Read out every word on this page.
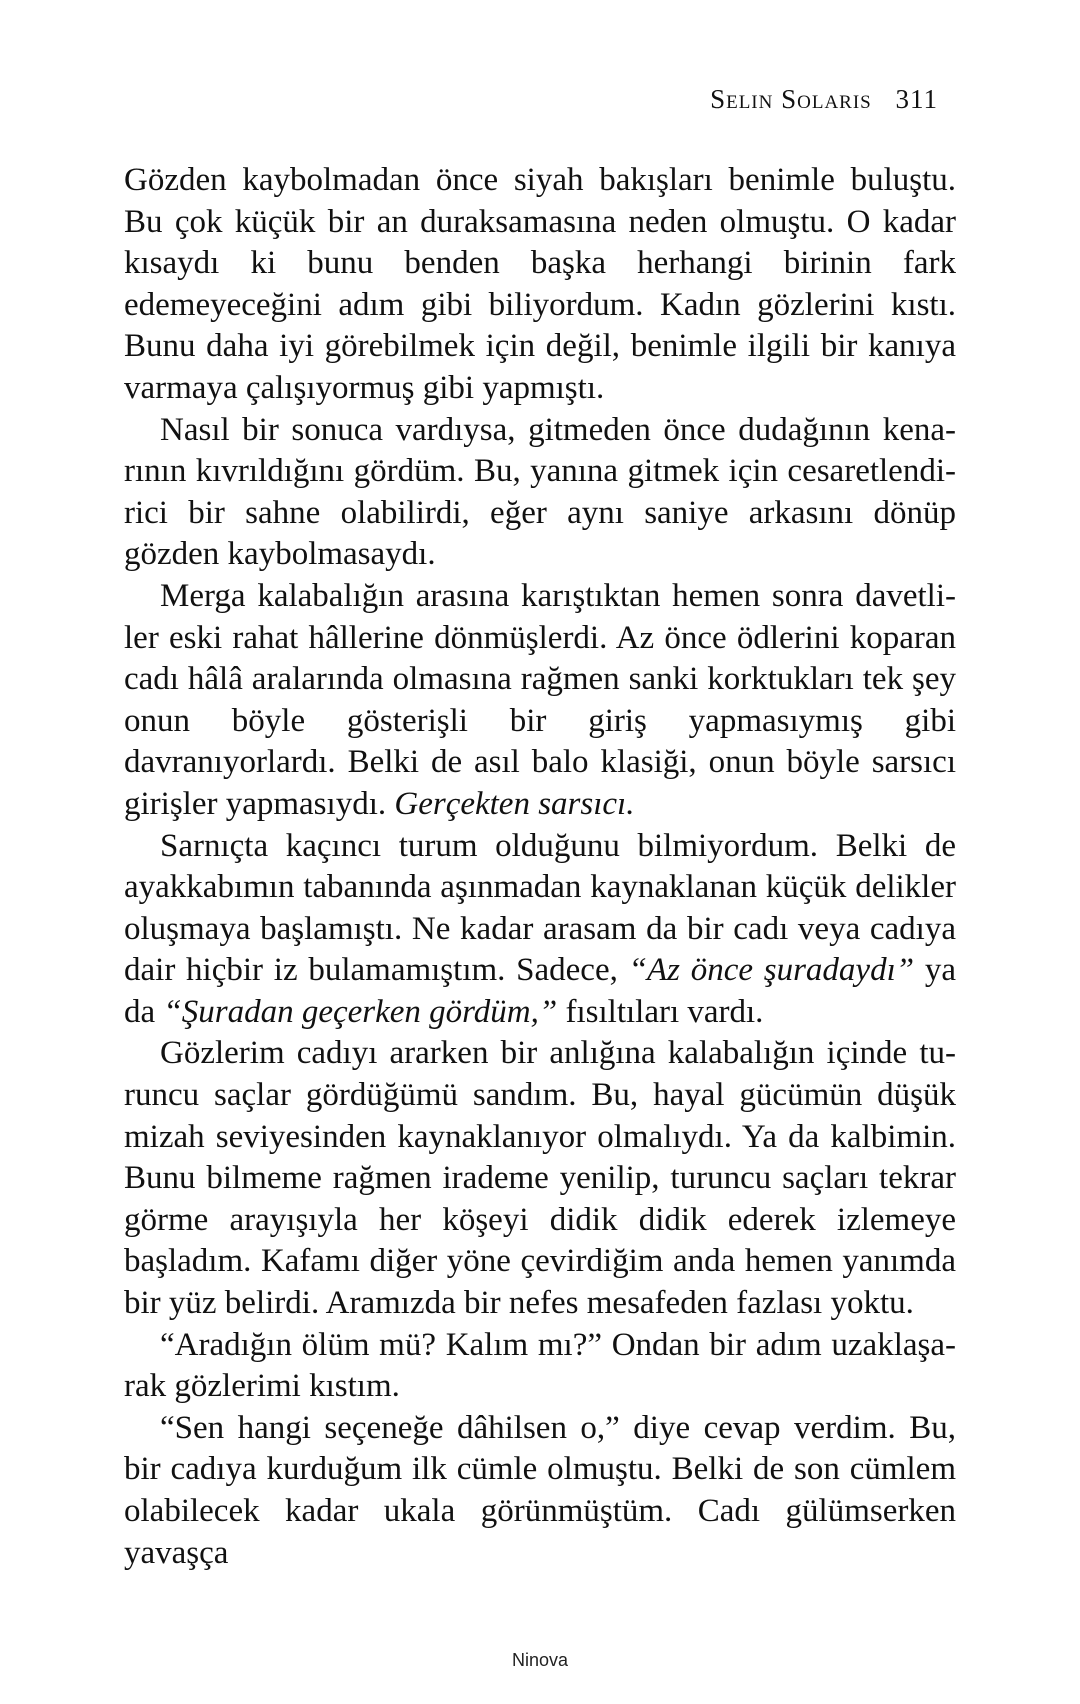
Selin Solaris 311

Gözden kaybolmadan önce siyah bakışları benimle buluştu. Bu çok küçük bir an duraksamasına neden olmuştu. O kadar kısaydı ki bunu benden başka herhangi birinin fark edemeyeceğini adım gibi biliyordum. Kadın gözlerini kıstı. Bunu daha iyi görebilmek için değil, benimle ilgili bir kanıya varmaya çalışıyormuş gibi yapmıştı.

Nasıl bir sonuca vardıysa, gitmeden önce dudağının kenarının kıvrıldığını gördüm. Bu, yanına gitmek için cesaretlendirici bir sahne olabilirdi, eğer aynı saniye arkasını dönüp gözden kaybolmasaydı.

Merga kalabalığın arasına karıştıktan hemen sonra davetliler eski rahat hâllerine dönmüşlerdi. Az önce ödlerini koparan cadı hâlâ aralarında olmasına rağmen sanki korktukları tek şey onun böyle gösterişli bir giriş yapmasıymış gibi davranıyorlardı. Belki de asıl balo klasiği, onun böyle sarsıcı girişler yapmasıydı. Gerçekten sarsıcı.

Sarnıçta kaçıncı turum olduğunu bilmiyordum. Belki de ayakkabımın tabanında aşınmadan kaynaklanan küçük delikler oluşmaya başlamıştı. Ne kadar arasam da bir cadı veya cadıya dair hiçbir iz bulamamıştım. Sadece, “Az önce şuradaydı” ya da “Şuradan geçerken gördüm,” fısıltıları vardı.

Gözlerim cadıyı ararken bir anlığına kalabalığın içinde turuncu saçlar gördüğümü sandım. Bu, hayal gücümün düşük mizah seviyesinden kaynaklanıyor olmalıydı. Ya da kalbimin. Bunu bilmeme rağmen irademe yenilip, turuncu saçları tekrar görme arayışıyla her köşeyi didik didik ederek izlemeye başladım. Kafamı diğer yöne çevirdiğim anda hemen yanımda bir yüz belirdi. Aramızda bir nefes mesafeden fazlası yoktu.

“Aradığın ölüm mü? Kalım mı?” Ondan bir adım uzaklaşarak gözlerimi kıstım.

“Sen hangi seçeneğe dâhilsen o,” diye cevap verdim. Bu, bir cadıya kurduğum ilk cümle olmuştu. Belki de son cümlem olabilecek kadar ukala görünmüştüm. Cadı gülümserken yavaşça

Ninova
